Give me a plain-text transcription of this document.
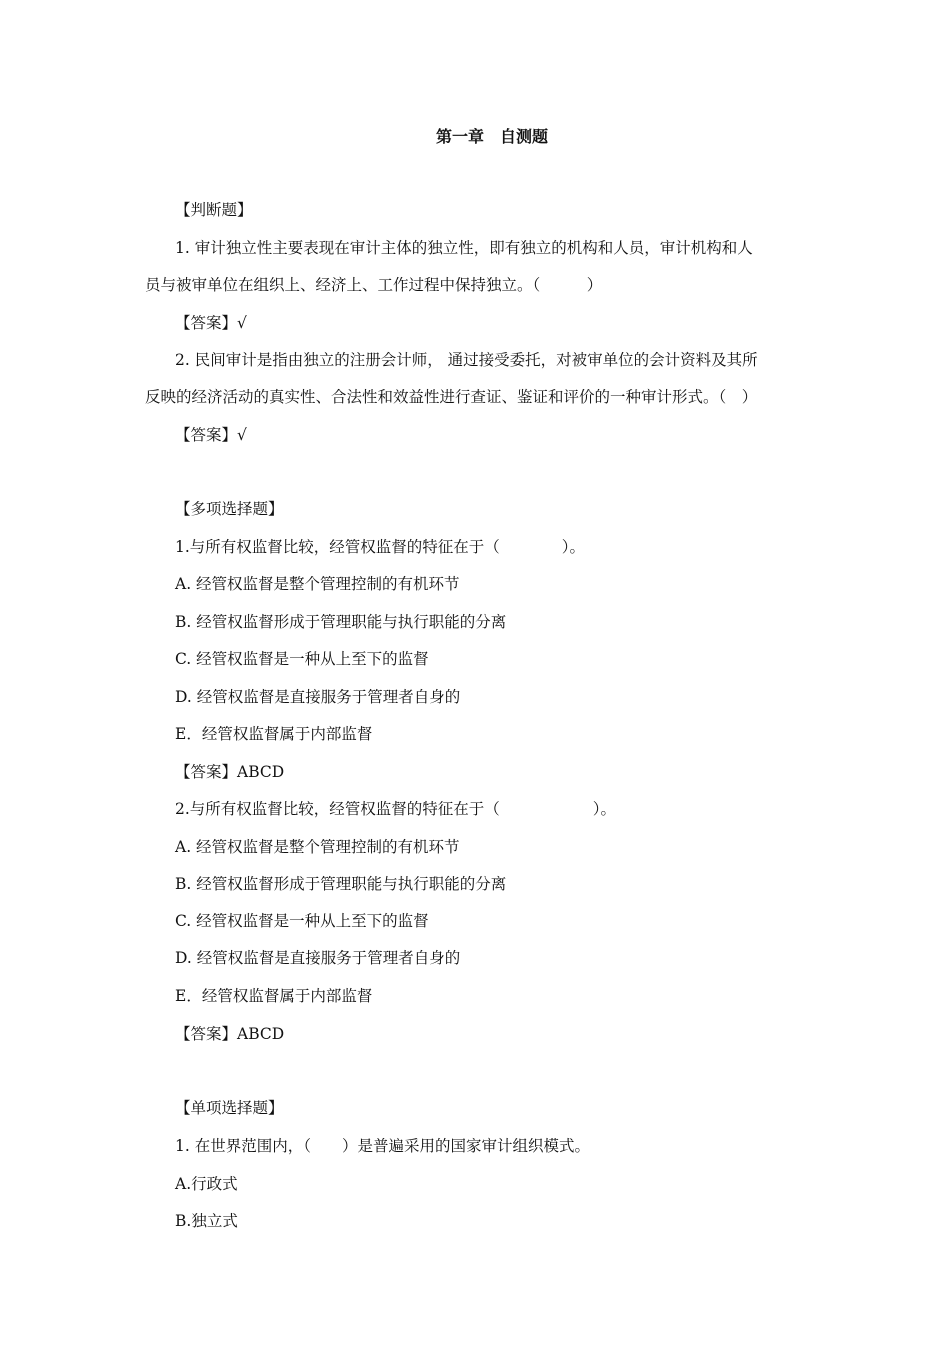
第一章　自测题
【判断题】
1. 审计独立性主要表现在审计主体的独立性，即有独立的机构和人员，审计机构和人
员与被审单位在组织上、经济上、工作过程中保持独立。（　　　）
【答案】√
2. 民间审计是指由独立的注册会计师， 通过接受委托，对被审单位的会计资料及其所
反映的经济活动的真实性、合法性和效益性进行查证、鉴证和评价的一种审计形式。（　）
【答案】√
【多项选择题】
1.与所有权监督比较，经管权监督的特征在于（　　　　）。
A. 经管权监督是整个管理控制的有机环节
B. 经管权监督形成于管理职能与执行职能的分离
C. 经管权监督是一种从上至下的监督
D. 经管权监督是直接服务于管理者自身的
E．经管权监督属于内部监督
【答案】ABCD
2.与所有权监督比较，经管权监督的特征在于（　　　　　　）。
A. 经管权监督是整个管理控制的有机环节
B. 经管权监督形成于管理职能与执行职能的分离
C. 经管权监督是一种从上至下的监督
D. 经管权监督是直接服务于管理者自身的
E．经管权监督属于内部监督
【答案】ABCD
【单项选择题】
1. 在世界范围内，（　　）是普遍采用的国家审计组织模式。
A.行政式
B.独立式
